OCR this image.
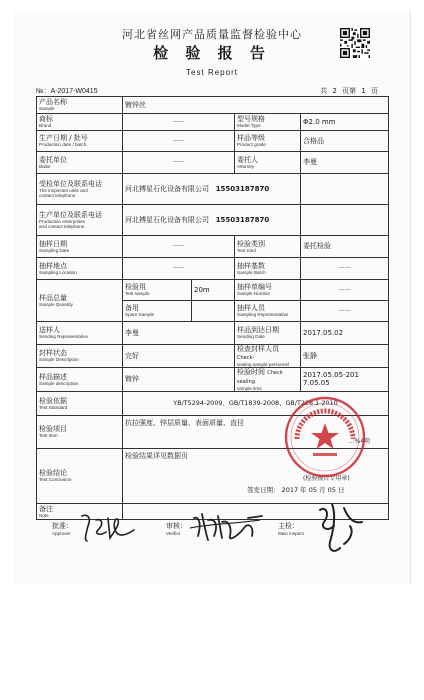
河北省丝网产品质量监督检验中心
检 验 报 告
Test Report
№：A-2017-W0415	共 2 页第 1 页
产品名称
Sample	镀锌丝			

商标
Brand	——		型号规格
Model Type	Φ2.0 mm

生产日期 / 批号
Production date / batch	——		样品等级
Product grade	合格品

委托单位
Bailor	——		委托人
Attorney	李曼

受检单位及联系电话
The inspected units and
contact telephone	河北搏星石化设备有限公司 15503187870			

生产单位及联系电话
Production enterprises
and contact telephone	河北搏星石化设备有限公司 15503187870			

抽样日期
Sampling Date	——		检验类别
Test Kind	委托检验

抽样地点
Sampling Location	——		抽样基数
Sample Batch	——

样品总量
Sample Quantity	检验用
Test sample	20m	抽样单编号
Sample Number	——

	备用
Spare Sample		抽样人员
Sampling Representative	——

送样人
Sending Representative	李曼		样品到达日期
Sending Date	2017.05.02

封样状态
Sample Description	完好		检查封样人员 Check-
sealing sample personnel	张静

样品描述
Sample description	镀锌		检验时间 Check sealing
sample time	2017.05.05-201
7.05.05

检验依据
Test Standard	YB/T5294-2009、GB/T1839-2008、GB/T228.1-2010			

检验项目
Test Item	抗拉强度、锌层质量、表面质量、直径
…%4项			

检验结论
Test Conclusion	检验结果详见数据页
(检验报告专用章)
签发日期： 2017 年 05 月 05 日			

备注
Note				

批准：
Approver
审核：
Verifier
主检：
Main inspect
